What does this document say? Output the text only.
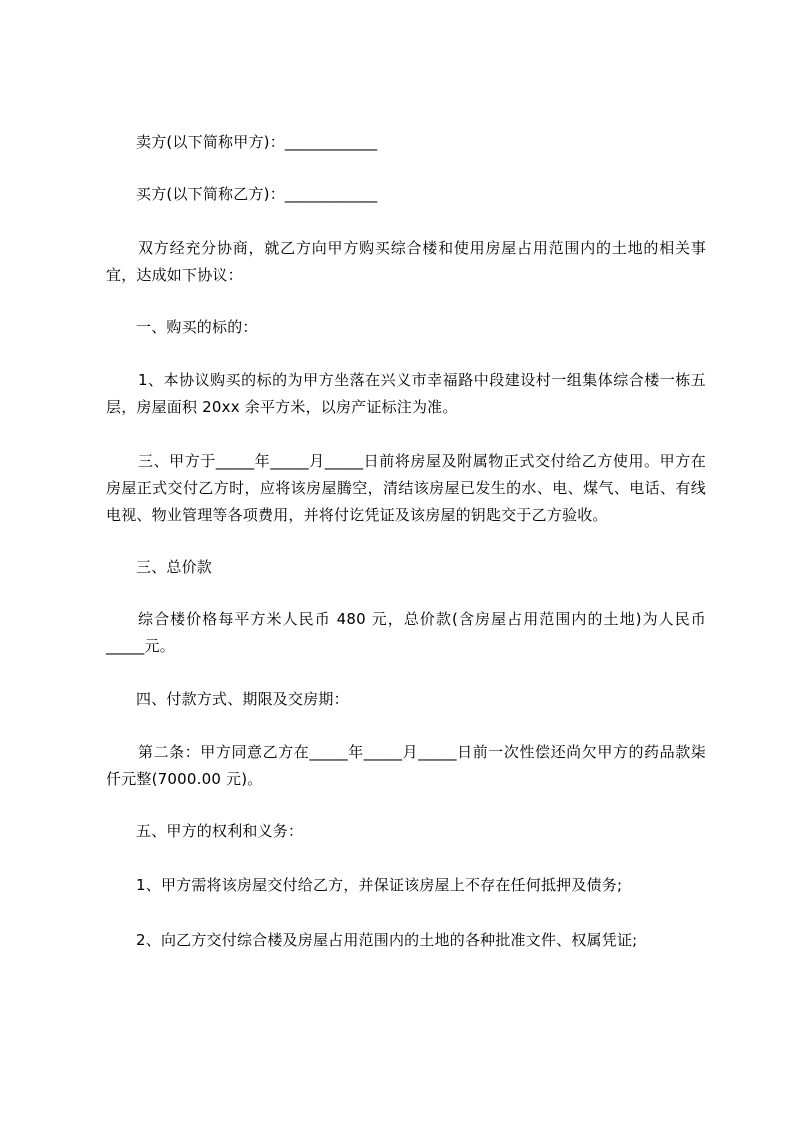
卖方(以下简称甲方)：____________
买方(以下简称乙方)：____________
双方经充分协商，就乙方向甲方购买综合楼和使用房屋占用范围内的土地的相关事宜，达成如下协议：
一、购买的标的：
1、本协议购买的标的为甲方坐落在兴义市幸福路中段建设村一组集体综合楼一栋五层，房屋面积 20xx 余平方米，以房产证标注为准。
三、甲方于_____年_____月_____日前将房屋及附属物正式交付给乙方使用。甲方在房屋正式交付乙方时，应将该房屋腾空，清结该房屋已发生的水、电、煤气、电话、有线电视、物业管理等各项费用，并将付讫凭证及该房屋的钥匙交于乙方验收。
三、总价款
综合楼价格每平方米人民币 480 元，总价款(含房屋占用范围内的土地)为人民币_____元。
四、付款方式、期限及交房期：
第二条：甲方同意乙方在_____年_____月_____日前一次性偿还尚欠甲方的药品款柒仟元整(7000.00 元)。
五、甲方的权利和义务：
1、甲方需将该房屋交付给乙方，并保证该房屋上不存在任何抵押及债务;
2、向乙方交付综合楼及房屋占用范围内的土地的各种批准文件、权属凭证;
